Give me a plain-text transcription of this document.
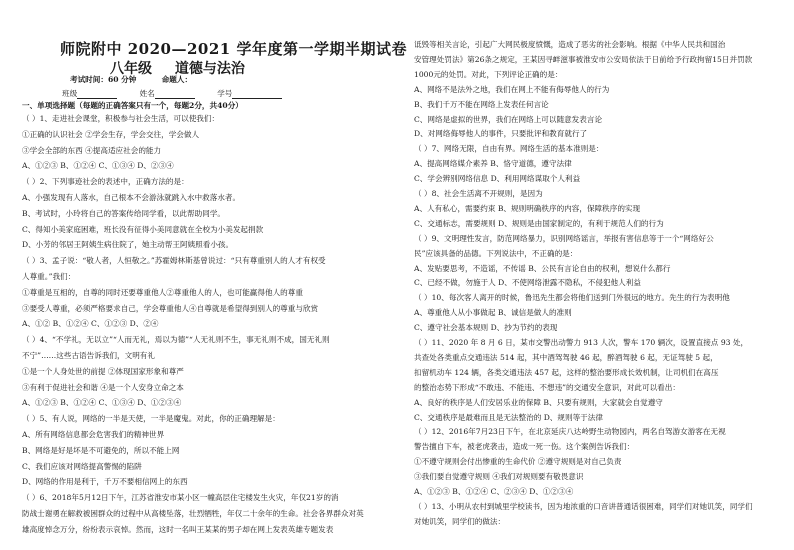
师院附中 2020—2021 学年度第一学期半期试卷
八年级 道德与法治
考试时间：60 分钟	命题人：
班级	姓名	学号
一、单项选择题（每题的正确答案只有一个，每题2分，共40分）
（ ）1、走进社会课堂，积极参与社会生活，可以使我们：
①正确的认识社会 ②学会生存，学会交往，学会做人
③学会全部的东西 ④提高适应社会的能力
A、①②③ B、①②④ C、①③④ D、②③④
（ ）2、下列事迹社会的表述中，正确方法的是：
A、小强发现有人落水，自己根本不会游泳就跳入水中救落水者。
B、考试时，小玲将自己的答案传给同学看，以此帮助同学。
C、得知小美家庭困难，班长没有征得小美同意就在全校为小美发起捐款
D、小芳的邻居王阿姨生病住院了，她主动帮王阿姨照看小孩。
（ ）3、孟子说：“敬人者，人恒敬之。”苏霍姆林斯基曾说过：“只有尊重别人的人才有权受
人尊重。”我们：
①尊重是互相的，自尊的同时还要尊重他人②尊重他人的人，也可能赢得他人的尊重
③要受人尊重，必须严格要求自己，学会尊重他人④自尊就是希望得到别人的尊重与欣赏
A、①② B、①②④ C、①②③ D、②④
（ ）4、“不学礼，无以立”“人而无礼，焉以为德”“人无礼则不生，事无礼则不成，国无礼则
不宁”……这些古语告诉我们，文明有礼
①是一个人身处世的前提 ②体现国家形象和尊严
③有利于促进社会和谐 ④是一个人安身立命之本
A、①②③ B、①②④ C、①③④ D、①②③④
（ ）5、有人说，网络的一半是天使，一半是魔鬼。对此，你的正确理解是：
A、所有网络信息都会危害我们的精神世界
B、网络是好是坏是不可避免的，所以不能上网
C、我们应该对网络提高警惕的陷阱
D、网络的作用是利于，千万不要相信网上的东西
（ ）6、2018年5月12日下午，江苏省淮安市某小区一幢高层住宅楼发生火灾，年仅21岁的消
防战士谢勇在解救被困群众的过程中从高楼坠落，壮烈牺牲，年仅二十余年的生命。社会各界群众对英
雄高度悼念万分，纷纷表示哀悼。然而，这时一名叫王某某的男子却在网上发表英雄专题发表
诋毁等相关言论，引起广大网民极度愤慨，造成了恶劣的社会影响。根据《中华人民共和国治
安管理处罚法》第26条之规定，王某因寻衅滋事被淮安市公安局依法于日前给予行政拘留15日并罚款
1000元的处罚。对此，下列评论正确的是：
A、网络不是法外之地，我们在网上不能有侮辱他人的行为
B、我们千万不能在网络上发表任何言论
C、网络是虚拟的世界，我们在网络上可以随意发表言论
D、对网络侮辱他人的事件，只要批评和教育就行了
（ ）7、网络无限，自由有界。网络生活的基本准则是：
A、提高网络媒介素养 B、恪守道德，遵守法律
C、学会辨别网络信息 D、利用网络谋取个人利益
（ ）8、社会生活离不开规则，是因为
A、人有私心，需要约束 B、规则明确秩序的内容，保障秩序的实现
C、交通标志，需要规则 D、规则是由国家制定的，有利于规范人们的行为
（ ）9、文明理性发言，防范网络暴力，识别网络谣言，举报有害信息等于一个“网络好公
民”应该具备的品德。下列说法中，不正确的是：
A、发贴要思考，不造谣，不传谣 B、公民有言论自由的权利，想说什么都行
C、已经不做，勿施于人 D、不使网络泄露不隐私，不侵犯他人利益
（ ）10、每次客人离开的时候，鲁迅先生都会将他们送到门外很远的地方。先生的行为表明他
A、尊重他人从小事做起 B、诚信是做人的准则
C、遵守社会基本规则 D、抄为节约的表现
（ ）11、2020 年 8 月 6 日，某市交警出动警力 913 人次，警车 170 辆次，设置直接点 93 处，
共查处各类重点交通违法 514 起，其中酒驾驾驶 46 起，醉酒驾驶 6 起，无证驾驶 5 起，
扣留机动车 124 辆，各类交通违法 457 起，这样的整治要形成长效机制，让司机们在高压
的整治态势下形成“不敢违、不能违、不想违”的交通安全意识，对此可以看出：
A、良好的秩序是人们安居乐业的保障 B、只要有规则，大家就会自觉遵守
C、交通秩序是最难而且是无法整治的 D、规则等于法律
（ ）12、2016年7月23日下午，在北京延庆八达岭野生动物园内，两名自驾游女游客在无视
警告擅自下车，被老虎袭击，造成一死一伤。这个案例告诉我们：
①不遵守规则会付出惨重的生命代价 ②遵守规则是对自己负责
③我们要自觉遵守规则 ④我们对规则要有敬畏意识
A、①②③ B、①②④ C、②③④ D、①②③④
（ ）13、小明从农村到城里学校读书，因为地浓重的口音讲普通话很困难，同学们对她讥笑，同学们
对她讥笑，同学们的做法：
